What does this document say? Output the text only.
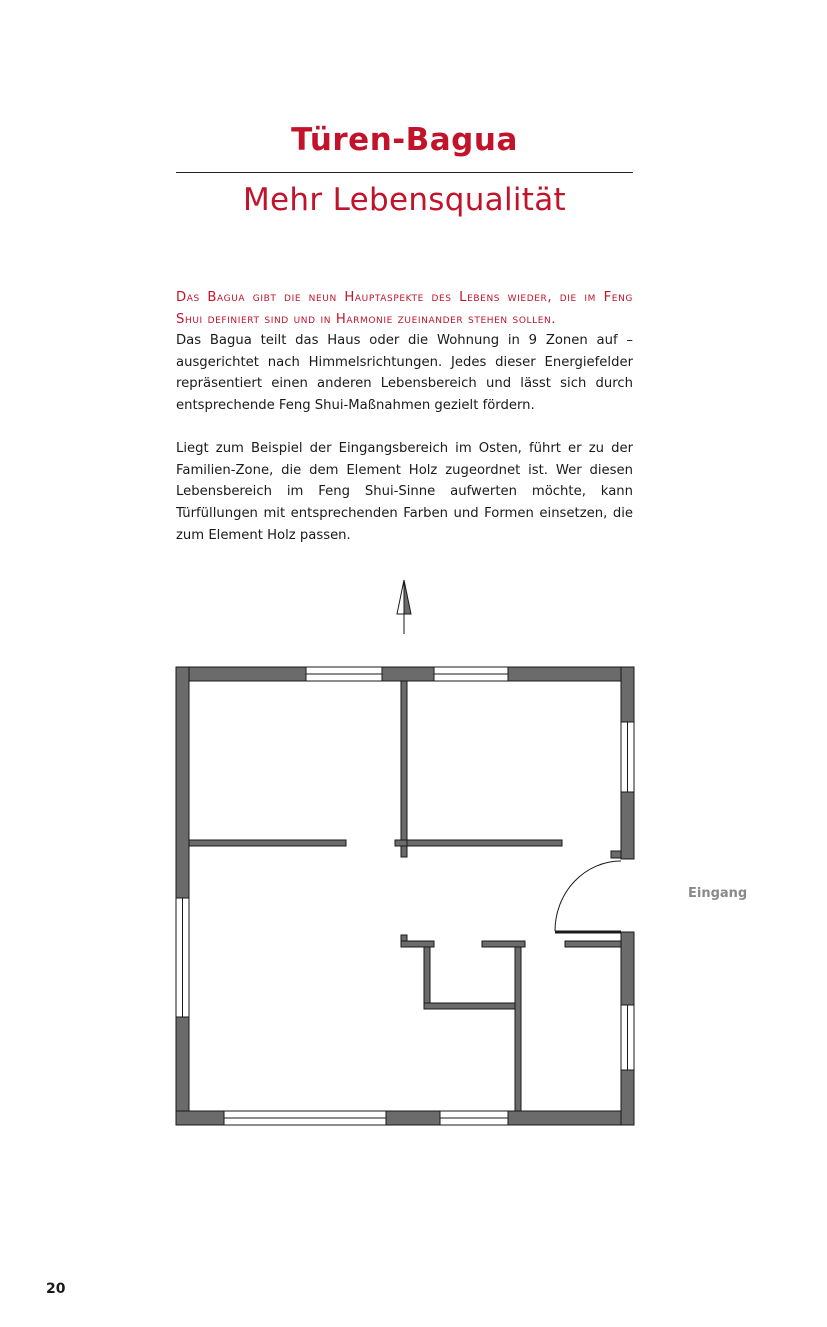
Türen-Bagua
Mehr Lebensqualität
Das Bagua gibt die neun Hauptaspekte des Lebens wieder, die im Feng Shui definiert sind und in Harmonie zueinander stehen sollen.

Das Bagua teilt das Haus oder die Wohnung in 9 Zonen auf – ausgerichtet nach Himmelsrichtungen. Jedes dieser Energiefelder repräsentiert einen anderen Lebensbereich und lässt sich durch entsprechende Feng Shui-Maßnahmen gezielt fördern.

Liegt zum Beispiel der Eingangsbereich im Osten, führt er zu der Familien-Zone, die dem Element Holz zugeordnet ist. Wer diesen Lebensbereich im Feng Shui-Sinne aufwerten möchte, kann Türfüllungen mit entsprechenden Farben und Formen einsetzen, die zum Element Holz passen.

Eingang
20
